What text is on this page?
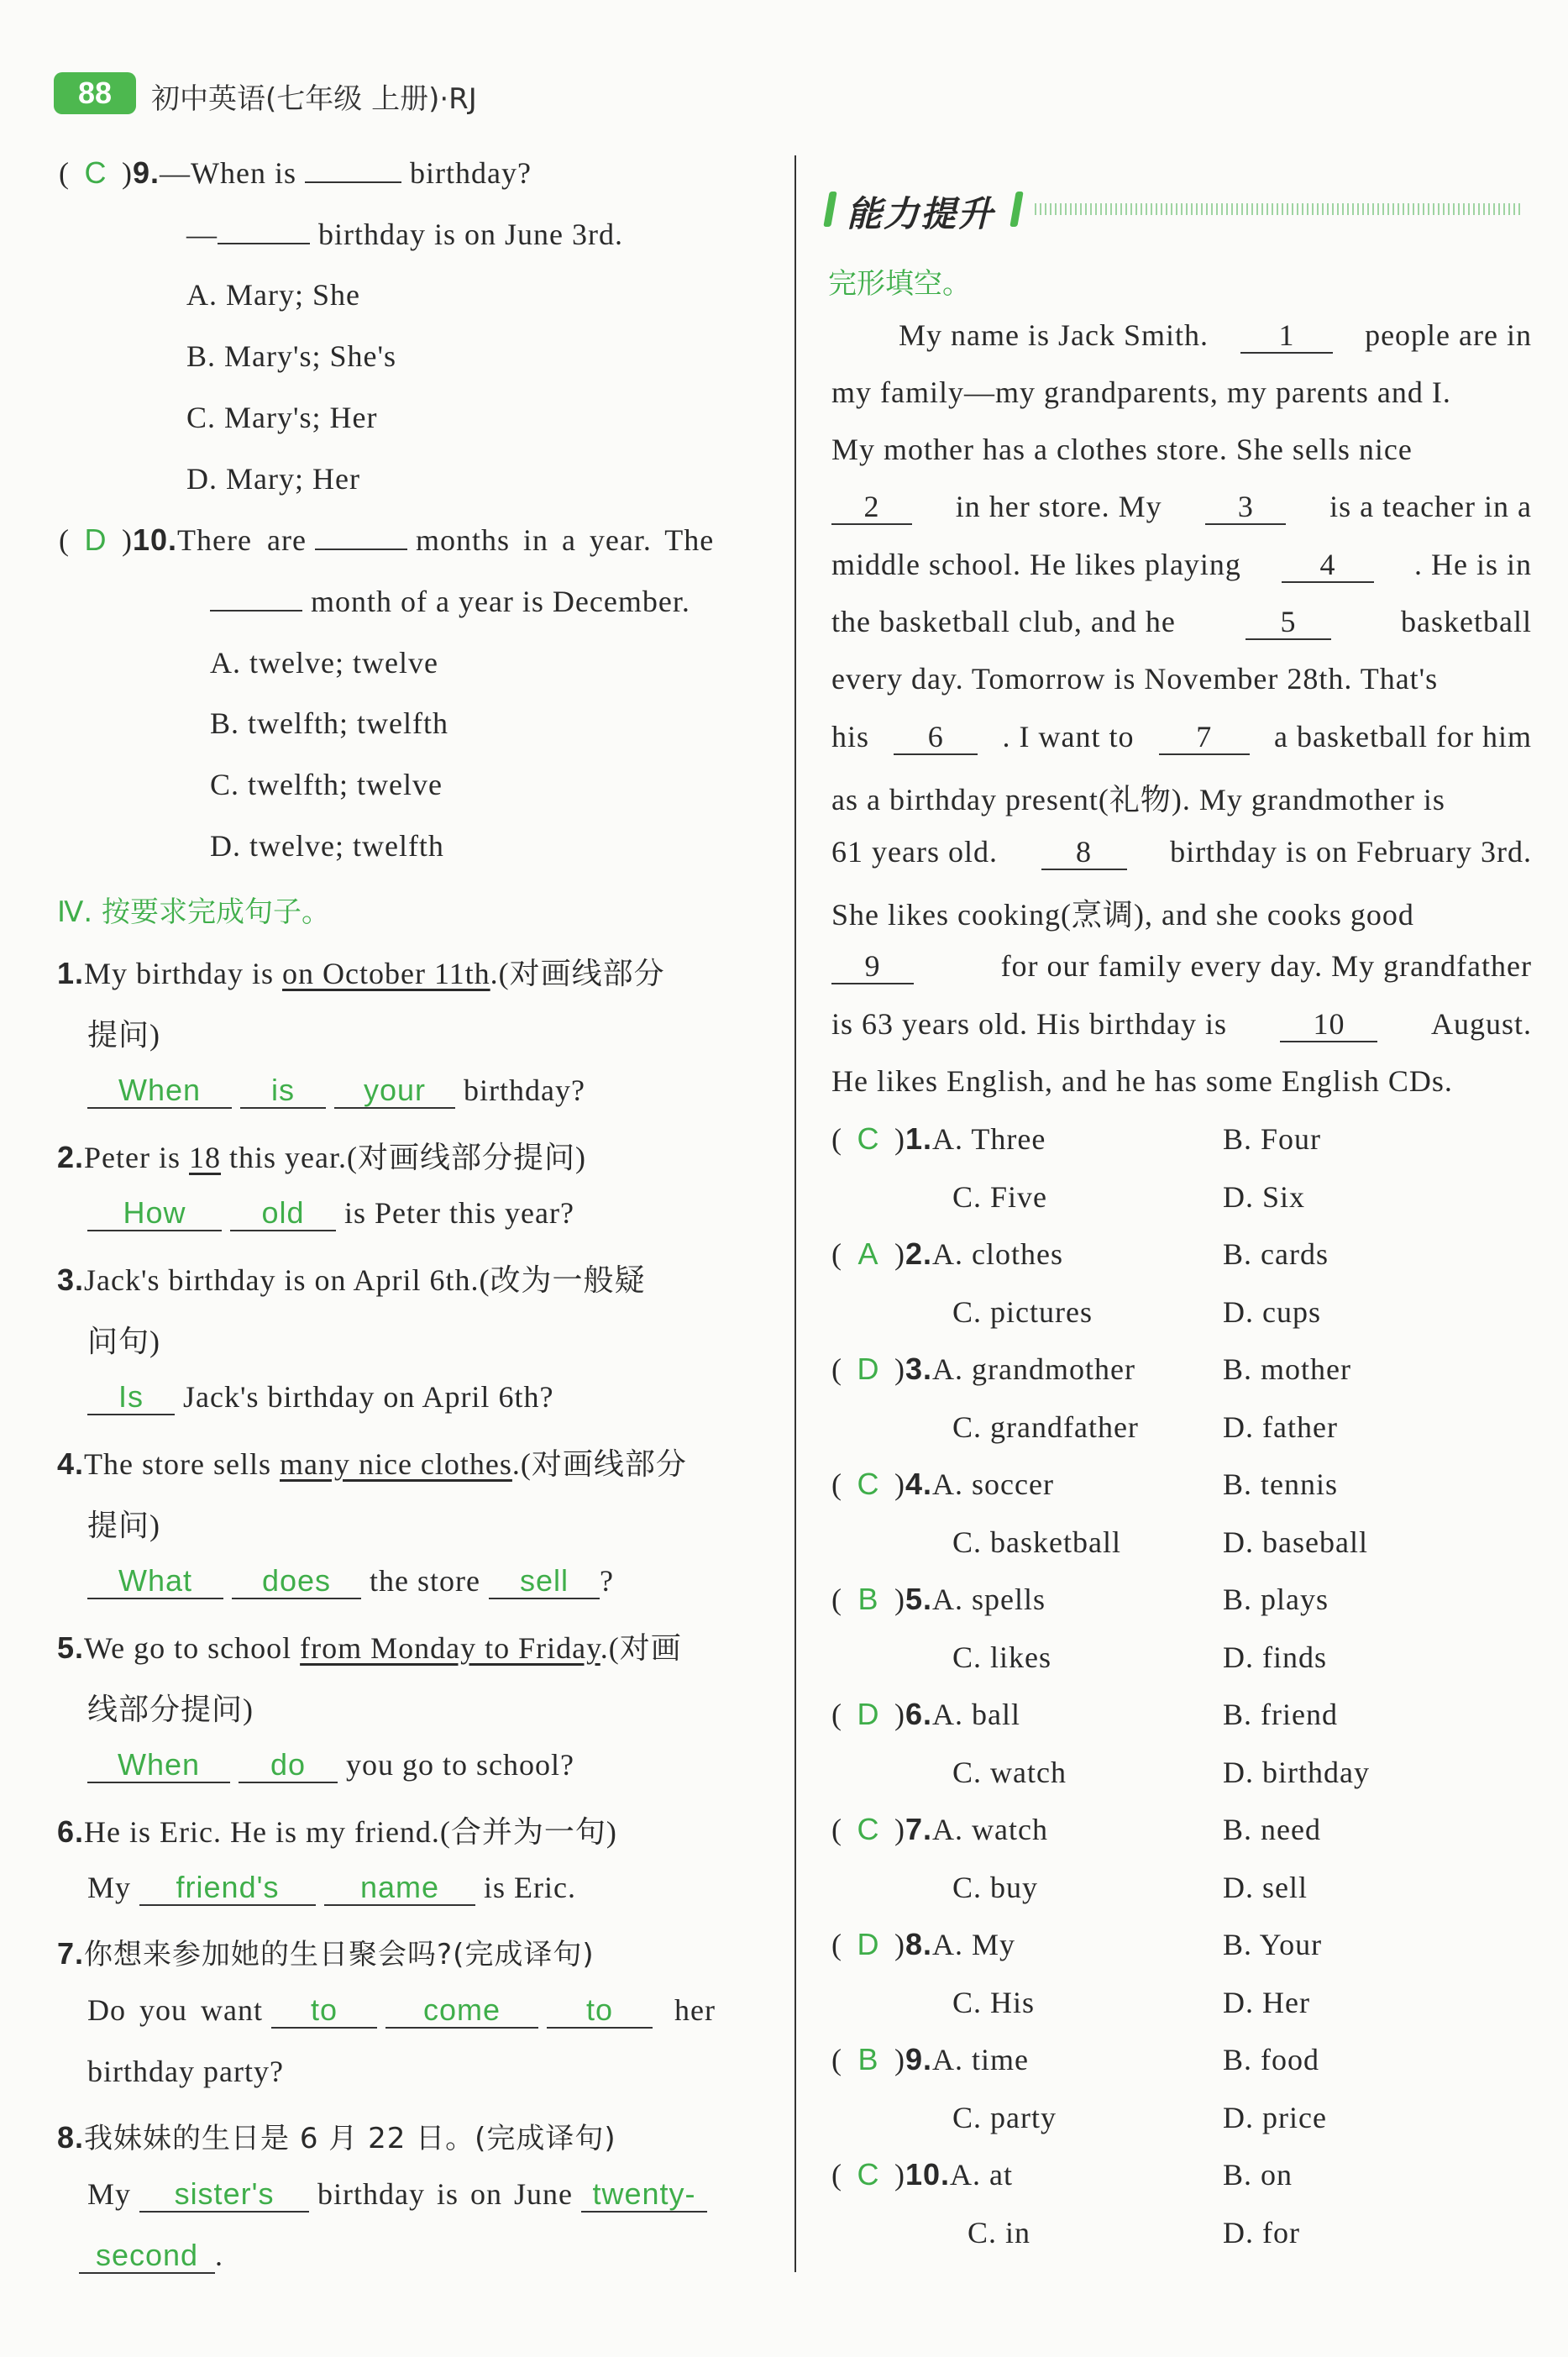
88	初中英语(七年级 上册)·RJ
( C )9.—When is	birthday?
—	birthday is on June 3rd.
A. Mary; She
B. Mary's; She's
C. Mary's; Her
D. Mary; Her
( D )10.There are	months in a year. The
month of a year is December.
A. twelve; twelve
B. twelfth; twelfth
C. twelfth; twelve
D. twelve; twelfth
Ⅳ. 按要求完成句子。
1.My birthday is on October 11th.(对画线部分
提问)
When is your birthday?
2.Peter is 18 this year.(对画线部分提问)
How old is Peter this year?
3.Jack's birthday is on April 6th.(改为一般疑
问句)
Is Jack's birthday on April 6th?
4.The store sells many nice clothes.(对画线部分
提问)
What does the store sell ?
5.We go to school from Monday to Friday.(对画
线部分提问)
When do you go to school?
6.He is Eric. He is my friend.(合并为一句)
My friend's	name is Eric.
7.你想来参加她的生日聚会吗?(完成译句)
Do you want to	come	to her
birthday party?
8.我妹妹的生日是 6 月 22 日。(完成译句)
My sister's birthday is on June twenty-
second .
能力提升
完形填空。
My name is Jack Smith.	1	people are in
my family—my grandparents, my parents and I.
My mother has a clothes store. She sells nice
2	in her store. My	3	is a teacher in a
middle school. He likes playing	4	. He is in
the basketball club, and he	5	basketball
every day. Tomorrow is November 28th. That's
his	6	. I want to	7	a basketball for him
as a birthday present(礼物). My grandmother is
61 years old.	8	birthday is on February 3rd.
She likes cooking(烹调), and she cooks good
9	for our family every day. My grandfather
is 63 years old. His birthday is	10	August.
He likes English, and he has some English CDs.
( C )1.A. Three	B. Four
C. Five	D. Six
( A )2.A. clothes	B. cards
C. pictures	D. cups
( D )3.A. grandmother	B. mother
C. grandfather	D. father
( C )4.A. soccer	B. tennis
C. basketball	D. baseball
( B )5.A. spells	B. plays
C. likes	D. finds
( D )6.A. ball	B. friend
C. watch	D. birthday
( C )7.A. watch	B. need
C. buy	D. sell
( D )8.A. My	B. Your
C. His	D. Her
( B )9.A. time	B. food
C. party	D. price
( C )10.A. at	B. on
C. in	D. for
